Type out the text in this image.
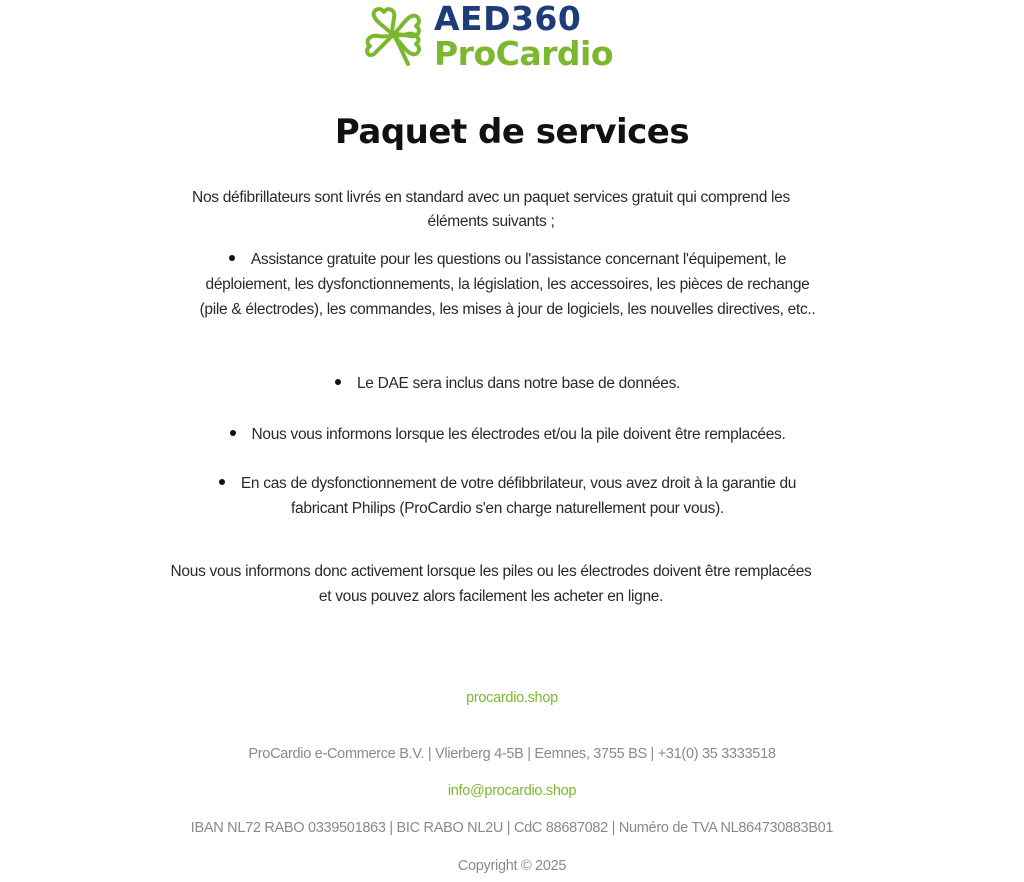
AED360
ProCardio
Paquet de services

Nos défibrillateurs sont livrés en standard avec un paquet services gratuit qui comprend les éléments suivants ;

Assistance gratuite pour les questions ou l'assistance concernant l'équipement, le déploiement, les dysfonctionnements, la législation, les accessoires, les pièces de rechange (pile & électrodes), les commandes, les mises à jour de logiciels, les nouvelles directives, etc..
Le DAE sera inclus dans notre base de données.
Nous vous informons lorsque les électrodes et/ou la pile doivent être remplacées.
En cas de dysfonctionnement de votre défibbrilateur, vous avez droit à la garantie du fabricant Philips (ProCardio s'en charge naturellement pour vous).

Nous vous informons donc activement lorsque les piles ou les électrodes doivent être remplacées et vous pouvez alors facilement les acheter en ligne.

procardio.shop
ProCardio e-Commerce B.V. | Vlierberg 4-5B | Eemnes, 3755 BS | +31(0) 35 3333518
info@procardio.shop
IBAN NL72 RABO 0339501863 | BIC RABO NL2U | CdC 88687082 | Numéro de TVA NL864730883B01
Copyright © 2025
